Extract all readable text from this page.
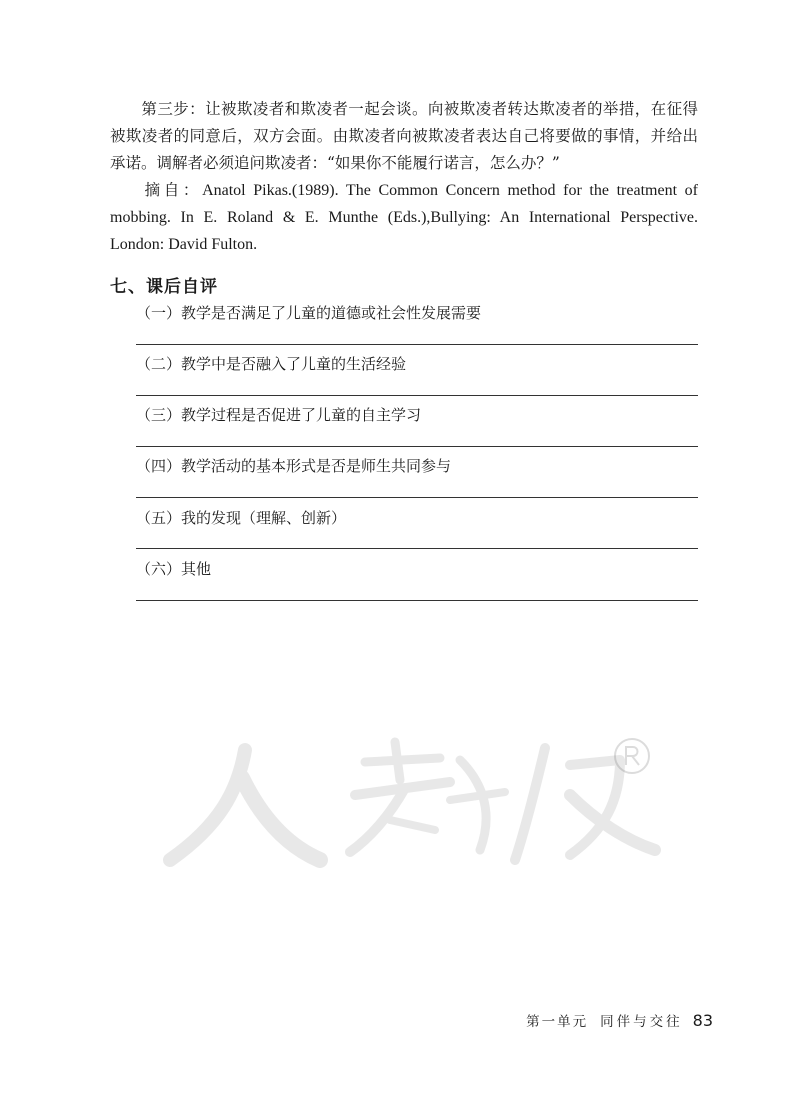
第三步：让被欺凌者和欺凌者一起会谈。向被欺凌者转达欺凌者的举措，在征得被欺凌者的同意后，双方会面。由欺凌者向被欺凌者表达自己将要做的事情，并给出承诺。调解者必须追问欺凌者：“如果你不能履行诺言，怎么办？”
摘自：Anatol Pikas.(1989). The Common Concern method for the treatment of mobbing. In E. Roland & E. Munthe (Eds.),Bullying: An International Perspective. London: David Fulton.
七、课后自评
（一）教学是否满足了儿童的道德或社会性发展需要
（二）教学中是否融入了儿童的生活经验
（三）教学过程是否促进了儿童的自主学习
（四）教学活动的基本形式是否是师生共同参与
（五）我的发现（理解、创新）
（六）其他
第一单元 同伴与交往 83
